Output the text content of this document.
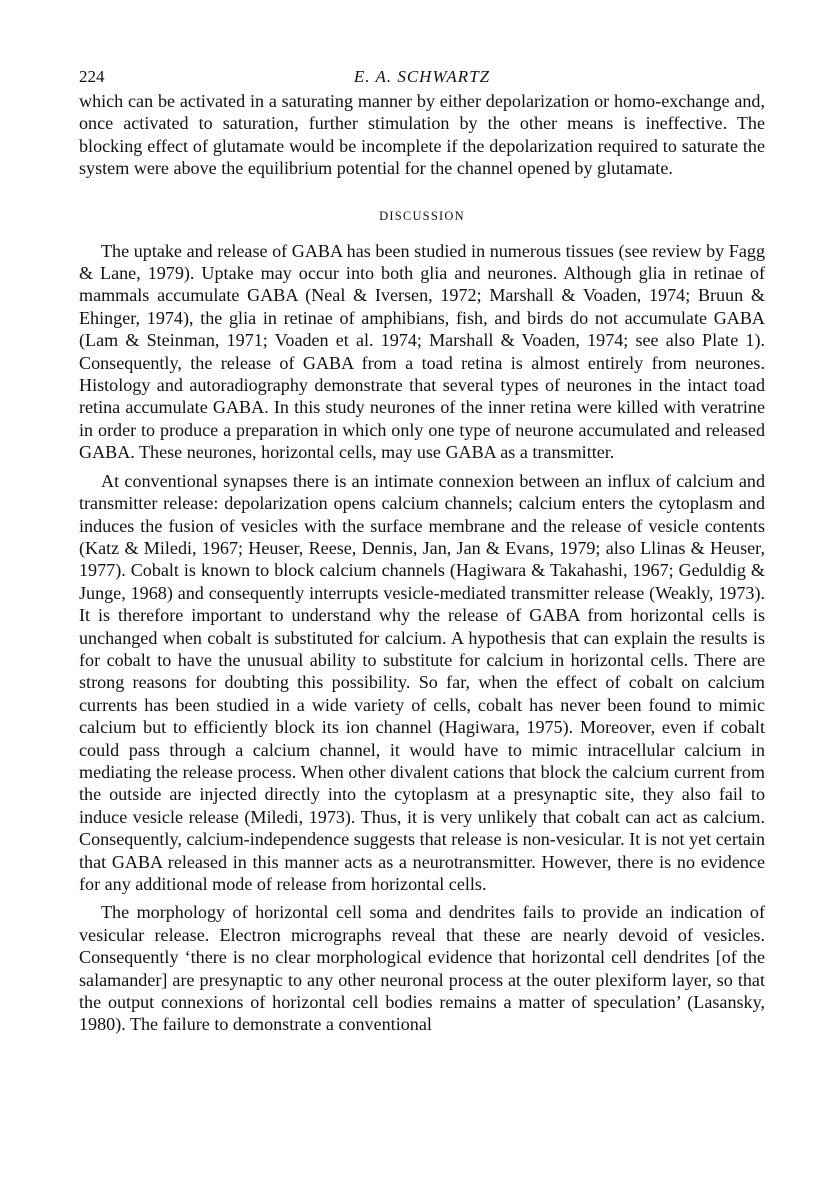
224	E. A. SCHWARTZ

which can be activated in a saturating manner by either depolarization or homo-exchange and, once activated to saturation, further stimulation by the other means is ineffective. The blocking effect of glutamate would be incomplete if the depolarization required to saturate the system were above the equilibrium potential for the channel opened by glutamate.

DISCUSSION

The uptake and release of GABA has been studied in numerous tissues (see review by Fagg & Lane, 1979). Uptake may occur into both glia and neurones. Although glia in retinae of mammals accumulate GABA (Neal & Iversen, 1972; Marshall & Voaden, 1974; Bruun & Ehinger, 1974), the glia in retinae of amphibians, fish, and birds do not accumulate GABA (Lam & Steinman, 1971; Voaden et al. 1974; Marshall & Voaden, 1974; see also Plate 1). Consequently, the release of GABA from a toad retina is almost entirely from neurones. Histology and autoradiography demonstrate that several types of neurones in the intact toad retina accumulate GABA. In this study neurones of the inner retina were killed with veratrine in order to produce a preparation in which only one type of neurone accumulated and released GABA. These neurones, horizontal cells, may use GABA as a transmitter.

At conventional synapses there is an intimate connexion between an influx of calcium and transmitter release: depolarization opens calcium channels; calcium enters the cytoplasm and induces the fusion of vesicles with the surface membrane and the release of vesicle contents (Katz & Miledi, 1967; Heuser, Reese, Dennis, Jan, Jan & Evans, 1979; also Llinas & Heuser, 1977). Cobalt is known to block calcium channels (Hagiwara & Takahashi, 1967; Geduldig & Junge, 1968) and consequently interrupts vesicle-mediated transmitter release (Weakly, 1973). It is therefore important to understand why the release of GABA from horizontal cells is unchanged when cobalt is substituted for calcium. A hypothesis that can explain the results is for cobalt to have the unusual ability to substitute for calcium in horizontal cells. There are strong reasons for doubting this possibility. So far, when the effect of cobalt on calcium currents has been studied in a wide variety of cells, cobalt has never been found to mimic calcium but to efficiently block its ion channel (Hagiwara, 1975). Moreover, even if cobalt could pass through a calcium channel, it would have to mimic intracellular calcium in mediating the release process. When other divalent cations that block the calcium current from the outside are injected directly into the cytoplasm at a presynaptic site, they also fail to induce vesicle release (Miledi, 1973). Thus, it is very unlikely that cobalt can act as calcium. Consequently, calcium-independence suggests that release is non-vesicular. It is not yet certain that GABA released in this manner acts as a neurotransmitter. However, there is no evidence for any additional mode of release from horizontal cells.

The morphology of horizontal cell soma and dendrites fails to provide an indication of vesicular release. Electron micrographs reveal that these are nearly devoid of vesicles. Consequently ‘there is no clear morphological evidence that horizontal cell dendrites [of the salamander] are presynaptic to any other neuronal process at the outer plexiform layer, so that the output connexions of horizontal cell bodies remains a matter of speculation’ (Lasansky, 1980). The failure to demonstrate a conventional
